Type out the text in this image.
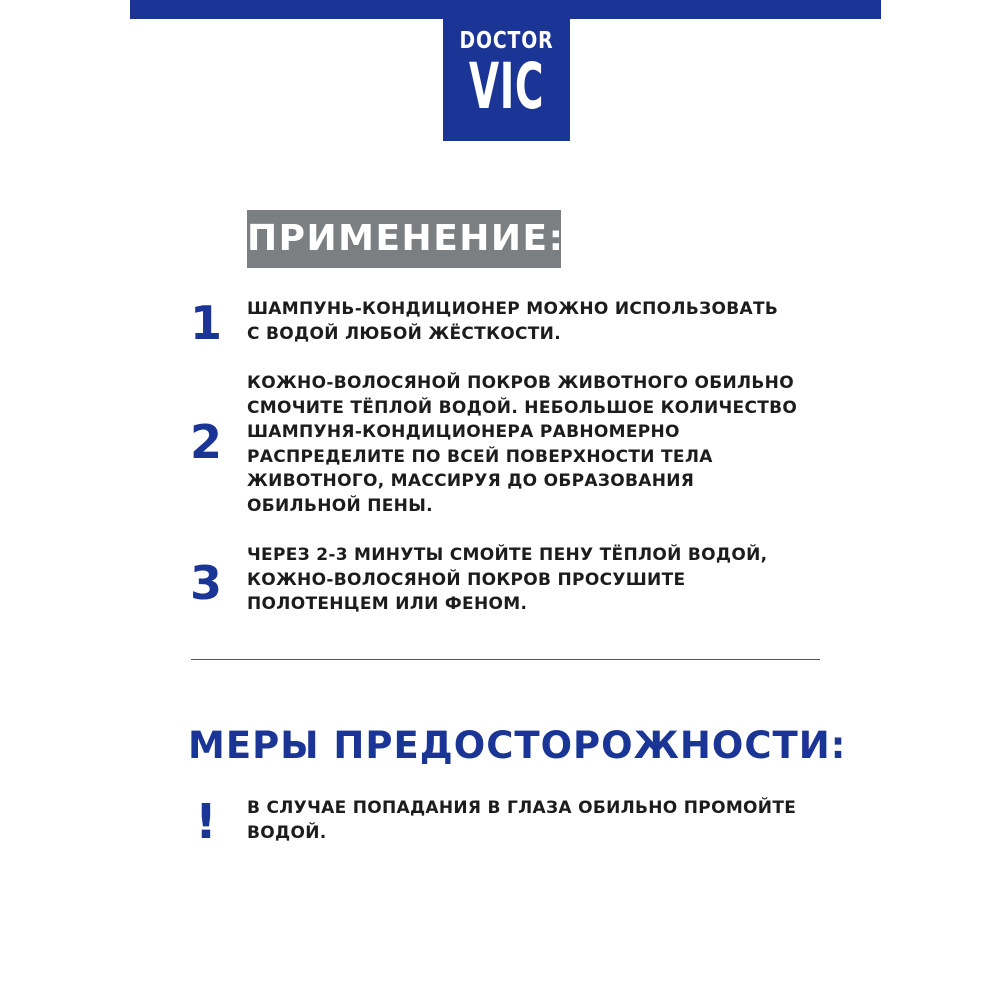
DOCTOR
VIC
ПРИМЕНЕНИЕ:
1 ШАМПУНЬ-КОНДИЦИОНЕР МОЖНО ИСПОЛЬЗОВАТЬ
С ВОДОЙ ЛЮБОЙ ЖЁСТКОСТИ.
2
КОЖНО-ВОЛОСЯНОЙ ПОКРОВ ЖИВОТНОГО ОБИЛЬНО
СМОЧИТЕ ТЁПЛОЙ ВОДОЙ. НЕБОЛЬШОЕ КОЛИЧЕСТВО
ШАМПУНЯ-КОНДИЦИОНЕРА РАВНОМЕРНО
РАСПРЕДЕЛИТЕ ПО ВСЕЙ ПОВЕРХНОСТИ ТЕЛА
ЖИВОТНОГО, МАССИРУЯ ДО ОБРАЗОВАНИЯ
ОБИЛЬНОЙ ПЕНЫ.
3
ЧЕРЕЗ 2-3 МИНУТЫ СМОЙТЕ ПЕНУ ТЁПЛОЙ ВОДОЙ,
КОЖНО-ВОЛОСЯНОЙ ПОКРОВ ПРОСУШИТЕ
ПОЛОТЕНЦЕМ ИЛИ ФЕНОМ.
МЕРЫ ПРЕДОСТОРОЖНОСТИ:
! В СЛУЧАЕ ПОПАДАНИЯ В ГЛАЗА ОБИЛЬНО ПРОМОЙТЕ
ВОДОЙ.
